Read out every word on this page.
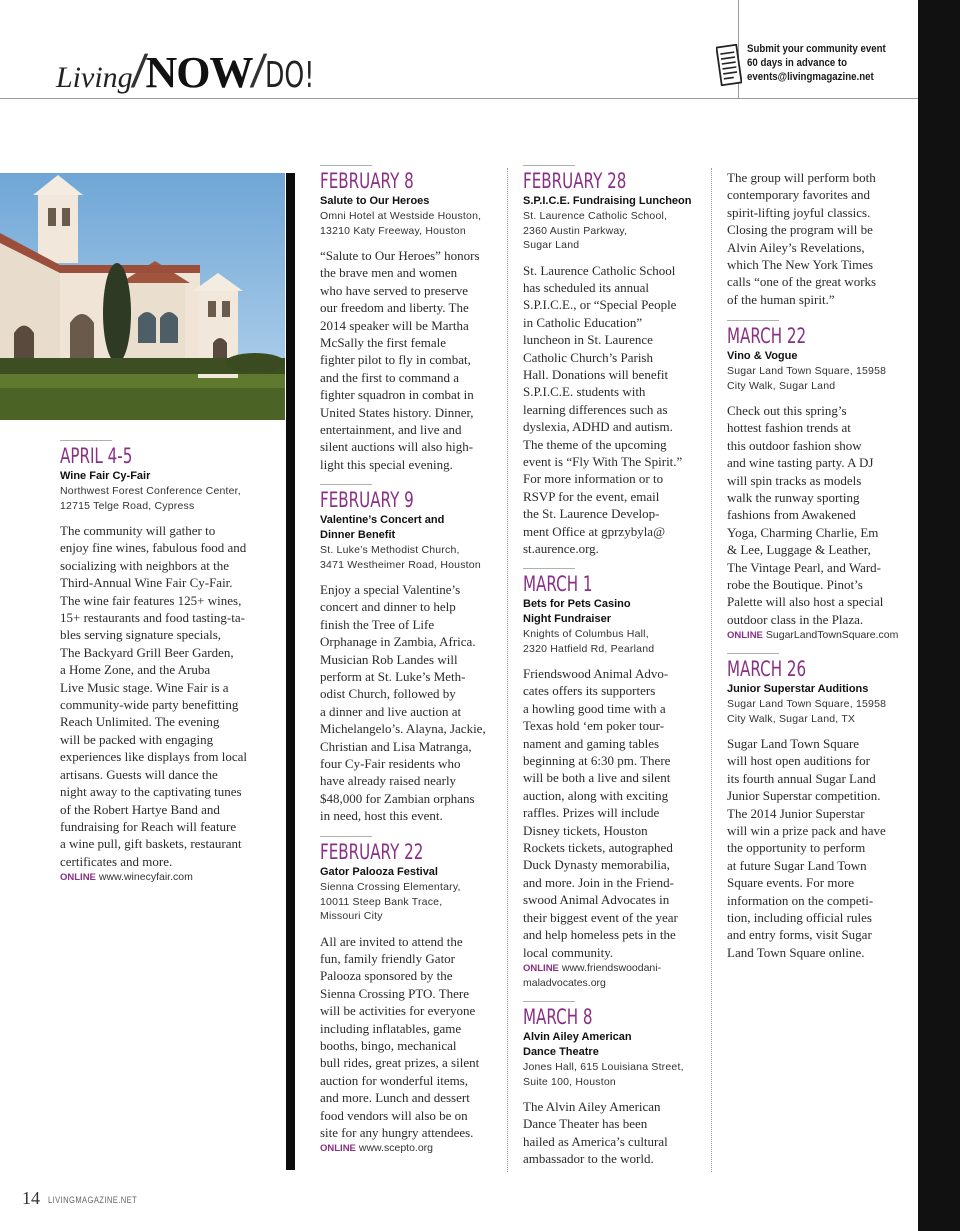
Living/NOW/DO!
Submit your community event
60 days in advance to
events@livingmagazine.net
APRIL 4-5
Wine Fair Cy-Fair
Northwest Forest Conference Center,
12715 Telge Road, Cypress
The community will gather to
enjoy fine wines, fabulous food and
socializing with neighbors at the
Third-Annual Wine Fair Cy-Fair.
The wine fair features 125+ wines,
15+ restaurants and food tasting-ta-
bles serving signature specials,
The Backyard Grill Beer Garden,
a Home Zone, and the Aruba
Live Music stage. Wine Fair is a
community-wide party benefitting
Reach Unlimited. The evening
will be packed with engaging
experiences like displays from local
artisans. Guests will dance the
night away to the captivating tunes
of the Robert Hartye Band and
fundraising for Reach will feature
a wine pull, gift baskets, restaurant
certificates and more.
ONLINE www.winecyfair.com
FEBRUARY 8
Salute to Our Heroes
Omni Hotel at Westside Houston,
13210 Katy Freeway, Houston
“Salute to Our Heroes” honors
the brave men and women
who have served to preserve
our freedom and liberty. The
2014 speaker will be Martha
McSally the first female
fighter pilot to fly in combat,
and the first to command a
fighter squadron in combat in
United States history. Dinner,
entertainment, and live and
silent auctions will also high-
light this special evening.
FEBRUARY 9
Valentine’s Concert and
Dinner Benefit
St. Luke’s Methodist Church,
3471 Westheimer Road, Houston
Enjoy a special Valentine’s
concert and dinner to help
finish the Tree of Life
Orphanage in Zambia, Africa.
Musician Rob Landes will
perform at St. Luke’s Meth-
odist Church, followed by
a dinner and live auction at
Michelangelo’s. Alayna, Jackie,
Christian and Lisa Matranga,
four Cy-Fair residents who
have already raised nearly
$48,000 for Zambian orphans
in need, host this event.
FEBRUARY 22
Gator Palooza Festival
Sienna Crossing Elementary,
10011 Steep Bank Trace,
Missouri City
All are invited to attend the
fun, family friendly Gator
Palooza sponsored by the
Sienna Crossing PTO. There
will be activities for everyone
including inflatables, game
booths, bingo, mechanical
bull rides, great prizes, a silent
auction for wonderful items,
and more. Lunch and dessert
food vendors will also be on
site for any hungry attendees.
ONLINE www.scepto.org
FEBRUARY 28
S.P.I.C.E. Fundraising Luncheon
St. Laurence Catholic School,
2360 Austin Parkway,
Sugar Land
St. Laurence Catholic School
has scheduled its annual
S.P.I.C.E., or “Special People
in Catholic Education”
luncheon in St. Laurence
Catholic Church’s Parish
Hall. Donations will benefit
S.P.I.C.E. students with
learning differences such as
dyslexia, ADHD and autism.
The theme of the upcoming
event is “Fly With The Spirit.”
For more information or to
RSVP for the event, email
the St. Laurence Develop-
ment Office at gprzybyla@
st.aurence.org.
MARCH 1
Bets for Pets Casino
Night Fundraiser
Knights of Columbus Hall,
2320 Hatfield Rd, Pearland
Friendswood Animal Advo-
cates offers its supporters
a howling good time with a
Texas hold ‘em poker tour-
nament and gaming tables
beginning at 6:30 pm. There
will be both a live and silent
auction, along with exciting
raffles. Prizes will include
Disney tickets, Houston
Rockets tickets, autographed
Duck Dynasty memorabilia,
and more. Join in the Friend-
swood Animal Advocates in
their biggest event of the year
and help homeless pets in the
local community.
ONLINE www.friendswoodani-
maladvocates.org
MARCH 8
Alvin Ailey American
Dance Theatre
Jones Hall, 615 Louisiana Street,
Suite 100, Houston
The Alvin Ailey American
Dance Theater has been
hailed as America’s cultural
ambassador to the world.
The group will perform both
contemporary favorites and
spirit-lifting joyful classics.
Closing the program will be
Alvin Ailey’s Revelations,
which The New York Times
calls “one of the great works
of the human spirit.”
MARCH 22
Vino & Vogue
Sugar Land Town Square, 15958
City Walk, Sugar Land
Check out this spring’s
hottest fashion trends at
this outdoor fashion show
and wine tasting party. A DJ
will spin tracks as models
walk the runway sporting
fashions from Awakened
Yoga, Charming Charlie, Em
& Lee, Luggage & Leather,
The Vintage Pearl, and Ward-
robe the Boutique. Pinot’s
Palette will also host a special
outdoor class in the Plaza.
ONLINE SugarLandTownSquare.com
MARCH 26
Junior Superstar Auditions
Sugar Land Town Square, 15958
City Walk, Sugar Land, TX
Sugar Land Town Square
will host open auditions for
its fourth annual Sugar Land
Junior Superstar competition.
The 2014 Junior Superstar
will win a prize pack and have
the opportunity to perform
at future Sugar Land Town
Square events. For more
information on the competi-
tion, including official rules
and entry forms, visit Sugar
Land Town Square online.
14 LIVINGMAGAZINE.NET
